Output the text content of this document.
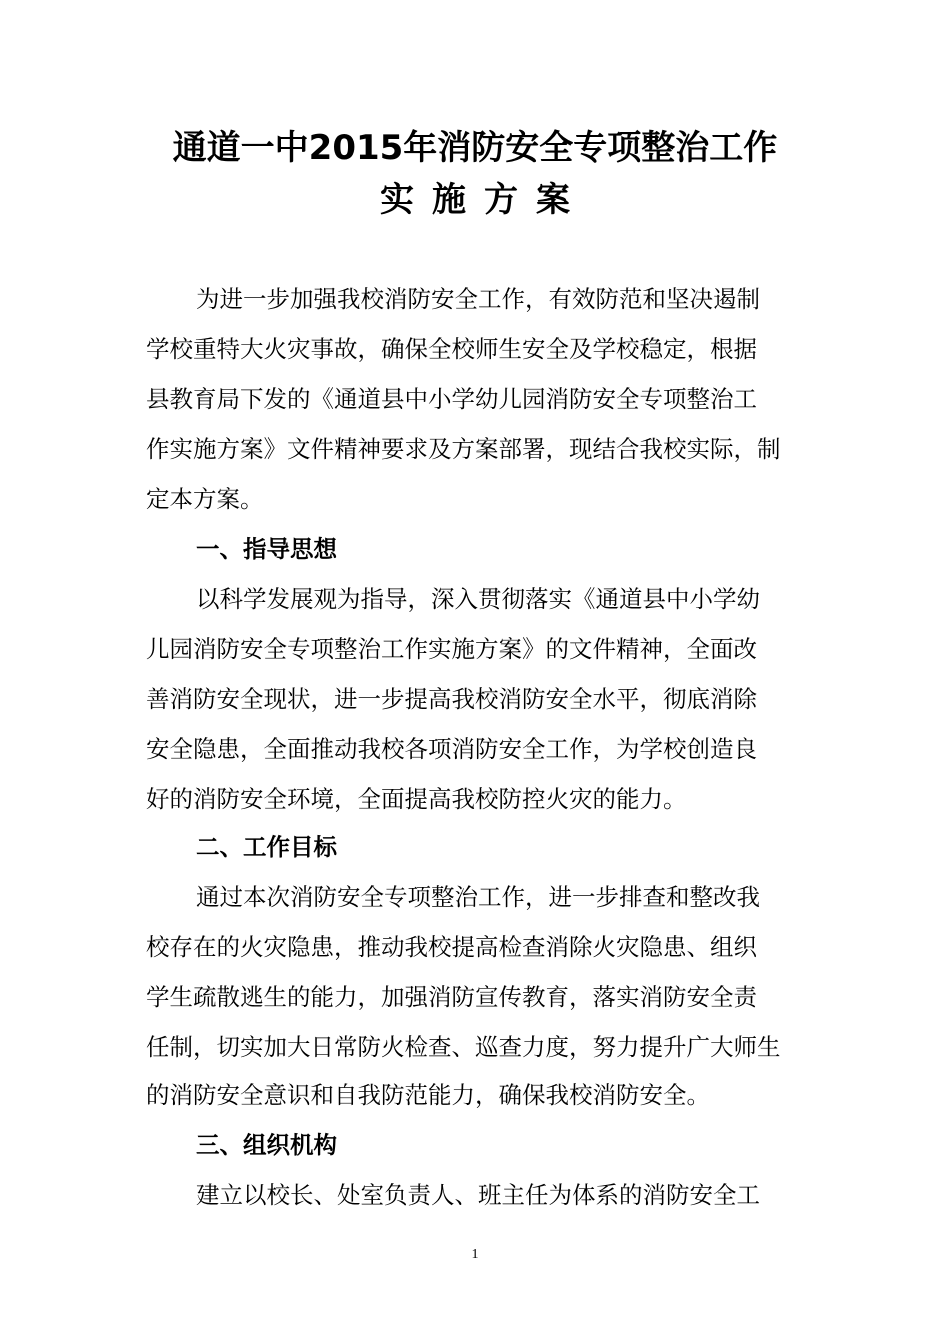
通道一中2015年消防安全专项整治工作
实施方案
为进一步加强我校消防安全工作，有效防范和坚决遏制
学校重特大火灾事故，确保全校师生安全及学校稳定，根据
县教育局下发的《通道县中小学幼儿园消防安全专项整治工
作实施方案》文件精神要求及方案部署，现结合我校实际，制
定本方案。
一、指导思想
以科学发展观为指导，深入贯彻落实《通道县中小学幼
儿园消防安全专项整治工作实施方案》的文件精神，全面改
善消防安全现状，进一步提高我校消防安全水平，彻底消除
安全隐患，全面推动我校各项消防安全工作，为学校创造良
好的消防安全环境，全面提高我校防控火灾的能力。
二、工作目标
通过本次消防安全专项整治工作，进一步排查和整改我
校存在的火灾隐患，推动我校提高检查消除火灾隐患、组织
学生疏散逃生的能力，加强消防宣传教育，落实消防安全责
任制，切实加大日常防火检查、巡查力度，努力提升广大师生
的消防安全意识和自我防范能力，确保我校消防安全。
三、组织机构
建立以校长、处室负责人、班主任为体系的消防安全工
1
